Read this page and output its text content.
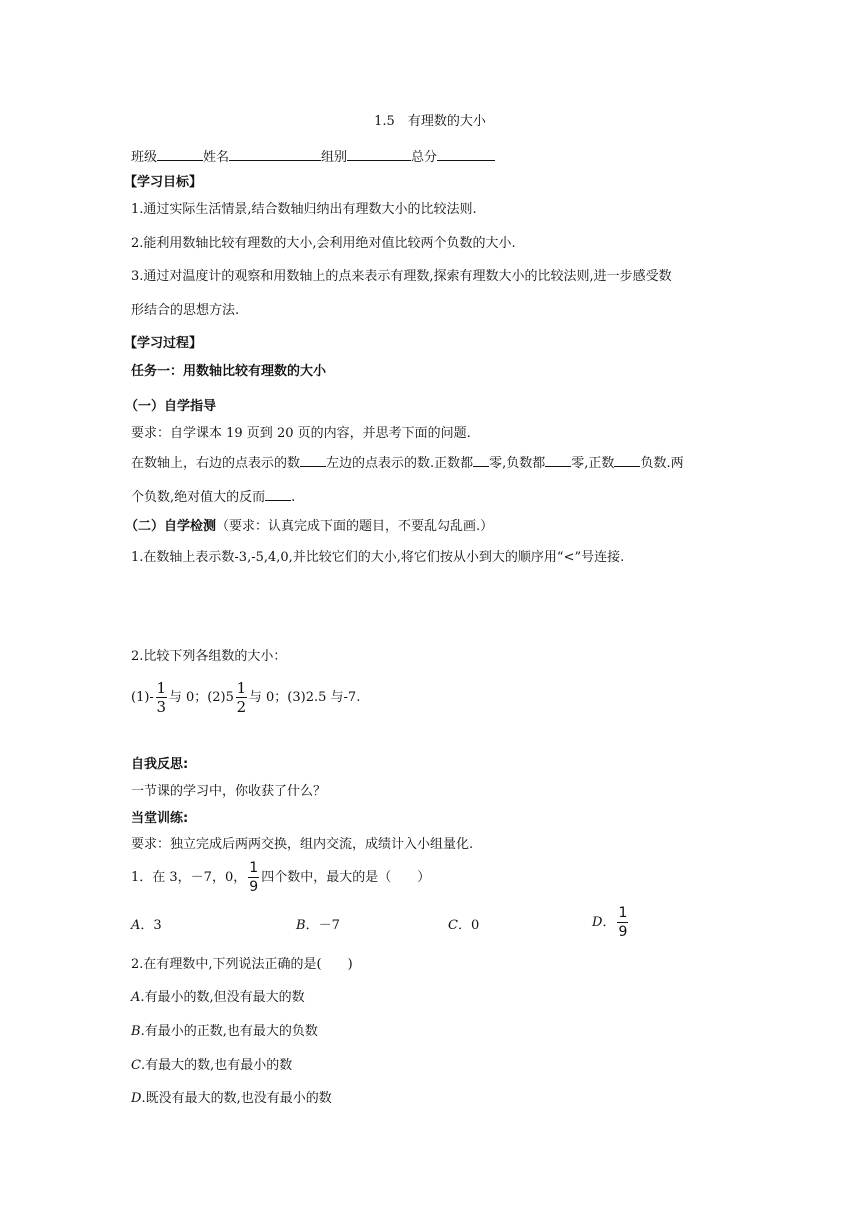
1.5　有理数的大小
班级	姓名	组别	总分
【学习目标】
1.通过实际生活情景,结合数轴归纳出有理数大小的比较法则.
2.能利用数轴比较有理数的大小,会利用绝对值比较两个负数的大小.
3.通过对温度计的观察和用数轴上的点来表示有理数,探索有理数大小的比较法则,进一步感受数
形结合的思想方法.
【学习过程】
任务一：用数轴比较有理数的大小
（一）自学指导
要求：自学课本 19 页到 20 页的内容，并思考下面的问题.
在数轴上，右边的点表示的数 左边的点表示的数.正数都 零,负数都 零,正数 负数.两
个负数,绝对值大的反而 .
（二）自学检测（要求：认真完成下面的题目，不要乱勾乱画.）
1.在数轴上表示数-3,-5,4,0,并比较它们的大小,将它们按从小到大的顺序用“<”号连接.
2.比较下列各组数的大小：
$(1)- \frac{1}{3}$ 与 0；$(2)5 \frac{1}{2}$ 与 0；(3)2.5 与-7.
自我反思:
一节课的学习中，你收获了什么？
当堂训练:
要求：独立完成后两两交换，组内交流，成绩计入小组量化.
1．在 3，－7，0， $\frac{1}{9}$ 四个数中，最大的是（　　）
A．3	B．－7	C．0	D． $\frac{1}{9}$
2.在有理数中,下列说法正确的是(　　)
A.有最小的数,但没有最大的数
B.有最小的正数,也有最大的负数
C.有最大的数,也有最小的数
D.既没有最大的数,也没有最小的数
